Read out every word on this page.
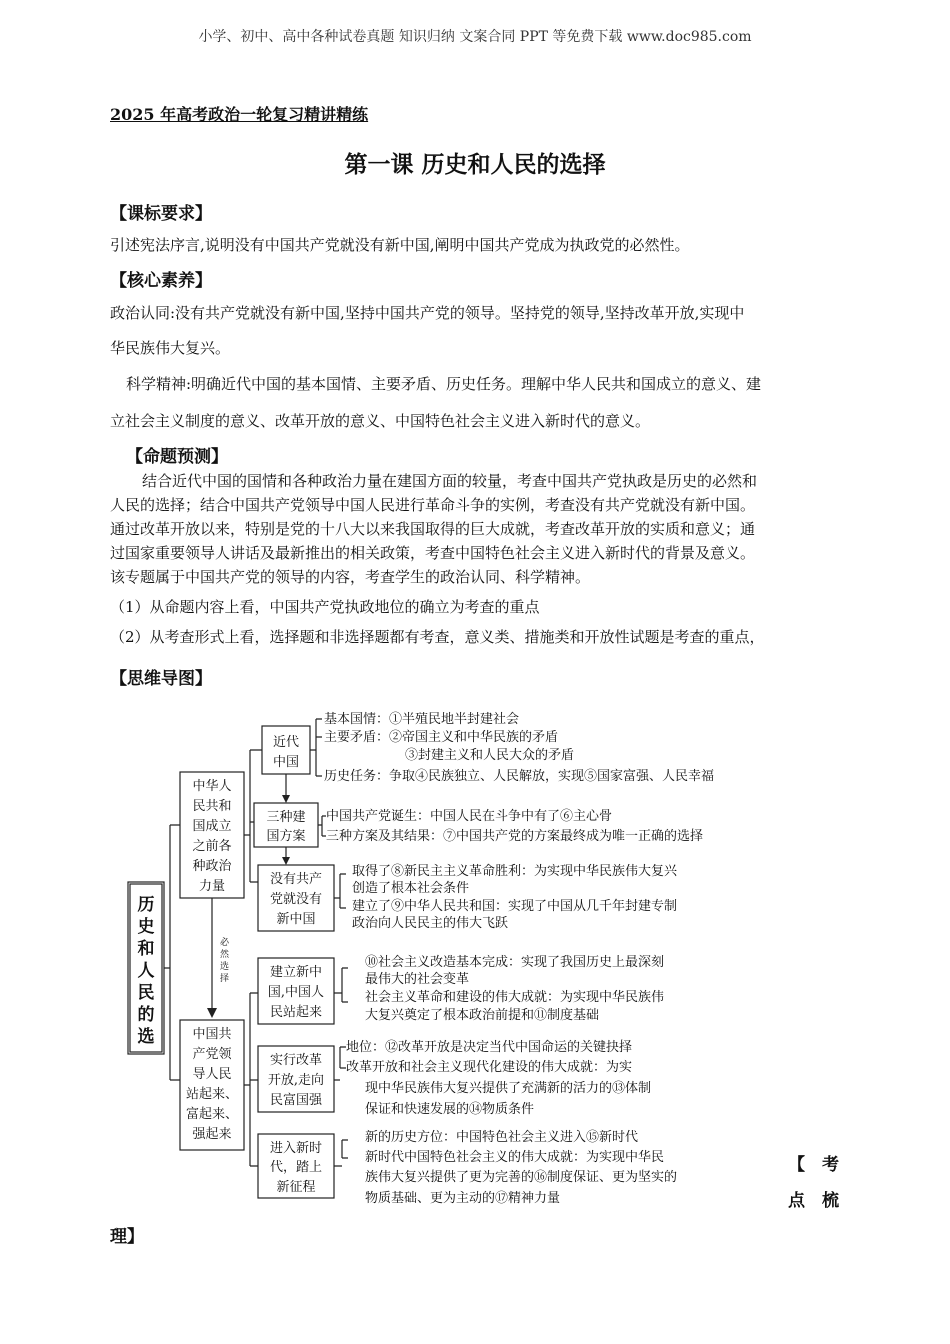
小学、初中、高中各种试卷真题 知识归纳 文案合同 PPT 等免费下载 www.doc985.com
2025 年高考政治一轮复习精讲精练
第一课 历史和人民的选择
【课标要求】
引述宪法序言,说明没有中国共产党就没有新中国,阐明中国共产党成为执政党的必然性。
【核心素养】
政治认同:没有共产党就没有新中国,坚持中国共产党的领导。坚持党的领导,坚持改革开放,实现中
华民族伟大复兴。
科学精神:明确近代中国的基本国情、主要矛盾、历史任务。理解中华人民共和国成立的意义、建
立社会主义制度的意义、改革开放的意义、中国特色社会主义进入新时代的意义。
【命题预测】
结合近代中国的国情和各种政治力量在建国方面的较量，考查中国共产党执政是历史的必然和
人民的选择；结合中国共产党领导中国人民进行革命斗争的实例，考查没有共产党就没有新中国。
通过改革开放以来，特别是党的十八大以来我国取得的巨大成就，考查改革开放的实质和意义；通
过国家重要领导人讲话及最新推出的相关政策，考查中国特色社会主义进入新时代的背景及意义。
该专题属于中国共产党的领导的内容，考查学生的政治认同、科学精神。
（1）从命题内容上看，中国共产党执政地位的确立为考查的重点
（2）从考查形式上看，选择题和非选择题都有考查，意义类、措施类和开放性试题是考查的重点，
【思维导图】
历
史
和
人
民
的
选
中华人
民共和
国成立
之前各
种政治
力量
必
然
选
择
中国共
产党领
导人民
站起来、
富起来、
强起来
近代
中国
基本国情：①半殖民地半封建社会
主要矛盾：②帝国主义和中华民族的矛盾
③封建主义和人民大众的矛盾
历史任务：争取④民族独立、人民解放，实现⑤国家富强、人民幸福
三种建
国方案
中国共产党诞生：中国人民在斗争中有了⑥主心骨
三种方案及其结果：⑦中国共产党的方案最终成为唯一正确的选择
没有共产
党就没有
新中国
取得了⑧新民主主义革命胜利：为实现中华民族伟大复兴
创造了根本社会条件
建立了⑨中华人民共和国：实现了中国从几千年封建专制
政治向人民民主的伟大飞跃
建立新中
国,中国人
民站起来
⑩社会主义改造基本完成：实现了我国历史上最深刻
最伟大的社会变革
社会主义革命和建设的伟大成就：为实现中华民族伟
大复兴奠定了根本政治前提和⑪制度基础
实行改革
开放,走向
民富国强
地位：⑫改革开放是决定当代中国命运的关键抉择
改革开放和社会主义现代化建设的伟大成就：为实
现中华民族伟大复兴提供了充满新的活力的⑬体制
保证和快速发展的⑭物质条件
进入新时
代，踏上
新征程
新的历史方位：中国特色社会主义进入⑮新时代
新时代中国特色社会主义的伟大成就：为实现中华民
族伟大复兴提供了更为完善的⑯制度保证、更为坚实的
物质基础、更为主动的⑰精神力量
【　考
点　梳
理】
